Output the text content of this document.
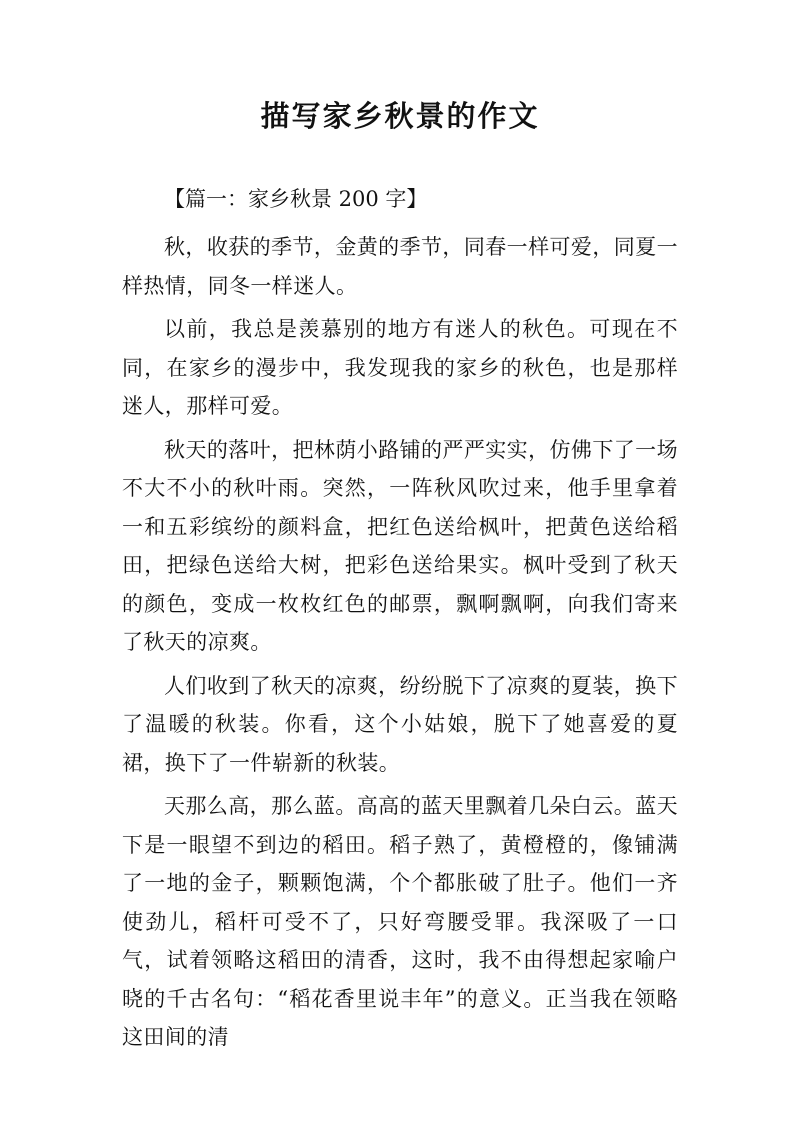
描写家乡秋景的作文

【篇一：家乡秋景 200 字】

秋，收获的季节，金黄的季节，同春一样可爱，同夏一样热情，同冬一样迷人。

以前，我总是羡慕别的地方有迷人的秋色。可现在不同，在家乡的漫步中，我发现我的家乡的秋色，也是那样迷人，那样可爱。

秋天的落叶，把林荫小路铺的严严实实，仿佛下了一场不大不小的秋叶雨。突然，一阵秋风吹过来，他手里拿着一和五彩缤纷的颜料盒，把红色送给枫叶，把黄色送给稻田，把绿色送给大树，把彩色送给果实。枫叶受到了秋天的颜色，变成一枚枚红色的邮票，飘啊飘啊，向我们寄来了秋天的凉爽。

人们收到了秋天的凉爽，纷纷脱下了凉爽的夏装，换下了温暖的秋装。你看，这个小姑娘，脱下了她喜爱的夏裙，换下了一件崭新的秋装。

天那么高，那么蓝。高高的蓝天里飘着几朵白云。蓝天下是一眼望不到边的稻田。稻子熟了，黄橙橙的，像铺满了一地的金子，颗颗饱满，个个都胀破了肚子。他们一齐使劲儿，稻杆可受不了，只好弯腰受罪。我深吸了一口气，试着领略这稻田的清香，这时，我不由得想起家喻户晓的千古名句：“稻花香里说丰年”的意义。正当我在领略这田间的清
